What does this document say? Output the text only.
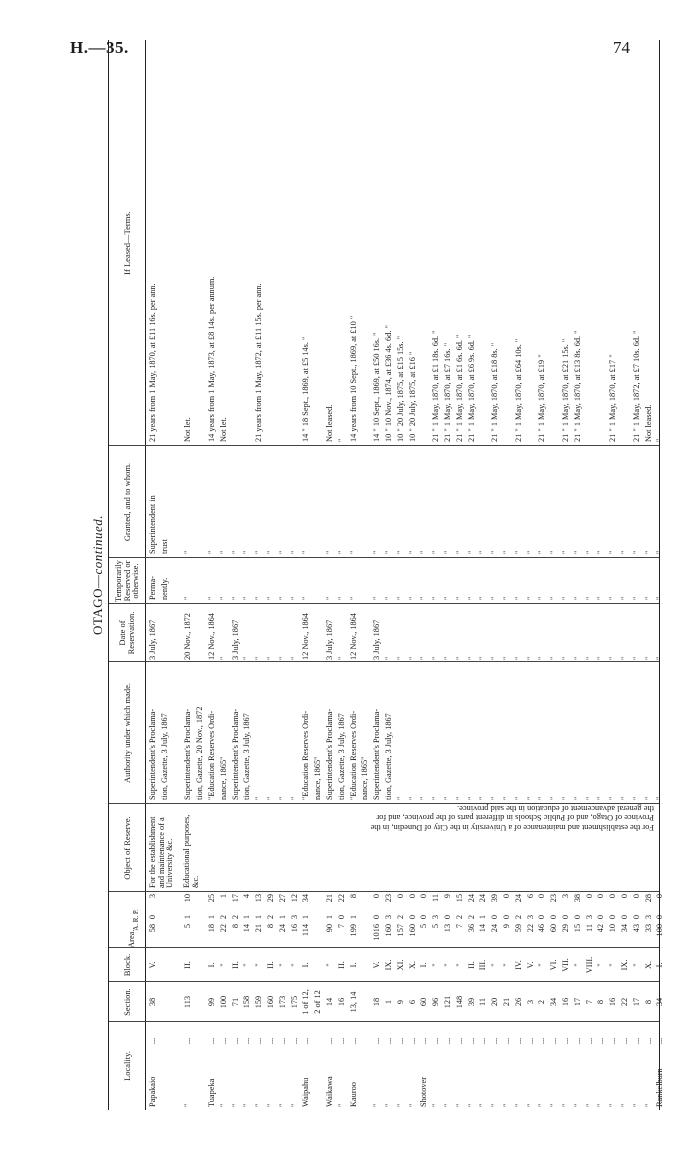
H.—35.	74
OTAGO—continued.
Locality.
Section.
Block.
Area.
A. R. P.
Object of Reserve.
Authority under which made.
Date of Reservation.
Temporarily Reserved or otherwise.
Granted, and to whom.
If Leased—Terms.
Papakaio
...
38
V.
58
0
3
Superintendent's Proclama-
3 July, 1867
Perma-
Superintendent in
21 years from 1 May, 1870, at £11 16s. per ann.
tion, Gazette, 3 July, 1867
nently.
trust
"
...
113
II.
5
1
10
Superintendent's Proclama-
20 Nov., 1872
"
"
Not let.
tion, Gazette, 20 Nov., 1872
Tuapeka
...
99
I.
18
1
25
"Education Reserves Ordi-
12 Nov., 1864
"
"
14 years from 1 May, 1873, at £8 14s. per annum.
"
...
100
"
22
2
1
nance, 1865"
"
"
"
Not let.
"
...
71
II.
8
2
17
Superintendent's Proclama-
3 July, 1867
"
"
"
...
158
"
14
1
4
tion, Gazette, 3 July, 1867
"
"
"
"
...
159
"
21
1
13
"
"
"
"
21 years from 1 May, 1872, at £11 15s. per ann.
"
...
160
II.
8
2
29
"
"
"
"
"
...
173
"
24
1
27
"
"
"
"
"
...
175
"
16
3
12
"
"
"
"
Waipahu
...
1 of 12,
I.
114
1
34
"Education Reserves Ordi-
12 Nov., 1864
"
"
14 " 18 Sept., 1869, at £5 14s. "
2 of 12
nance, 1865"
Waikawa
...
14
"
90
1
21
Superintendent's Proclama-
3 July, 1867
"
"
Not leased.
"
...
16
II.
7
0
22
tion, Gazette, 3 July, 1867
"
"
"
"
Kauroo
...
13, 14
I.
199
1
8
"Education Reserves Ordi-
12 Nov., 1864
"
"
14 years from 10 Sept., 1869, at £10 "
nance, 1865"
"
...
18
V.
1016
0
0
Superintendent's Proclama-
3 July, 1867
"
"
14 " 10 Sept., 1869, at £50 16s. "
"
...
1
IX.
160
3
23
tion, Gazette, 3 July, 1867
"
"
"
10 " 10 Nov., 1874, at £36 4s. 6d. "
"
...
9
XI.
157
2
0
"
"
"
"
10 " 20 July, 1875, at £15 15s. "
"
...
6
X.
160
0
0
"
"
"
"
10 " 20 July, 1875, at £16 "
Shotover
...
60
I.
5
0
0
"
"
"
"
"
...
96
"
5
3
11
"
"
"
"
21 " 1 May, 1870, at £1 18s. 6d. "
"
...
121
"
13
0
9
"
"
"
"
21 " 1 May, 1870, at £7 16s. "
"
...
148
"
7
2
15
"
"
"
"
21 " 1 May, 1870, at £1 6s. 6d. "
"
...
39
II.
36
2
24
"
"
"
"
21 " 1 May, 1870, at £6 9s. 6d. "
"
...
11
III.
14
1
24
"
"
"
"
"
...
20
"
24
0
39
"
"
"
"
21 " 1 May, 1870, at £18 8s. "
"
...
21
"
9
0
0
"
"
"
"
"
...
26
IV.
59
2
24
"
"
"
"
21 " 1 May, 1870, at £64 10s. "
"
...
3
V.
22
3
6
"
"
"
"
"
...
2
"
46
0
0
"
"
"
"
21 " 1 May, 1870, at £19 "
"
...
34
VI.
60
0
23
"
"
"
"
"
...
16
VII.
29
0
3
"
"
"
"
21 " 1 May, 1870, at £21 15s. "
"
...
17
"
15
0
38
"
"
"
"
21 " 1 May, 1870, at £13 8s. 6d. "
"
...
7
VIII.
11
3
0
"
"
"
"
"
...
8
"
42
0
0
"
"
"
"
"
...
16
"
10
0
0
"
"
"
"
21 " 1 May, 1870, at £17 "
"
...
22
IX.
34
0
0
"
"
"
"
"
...
17
"
43
0
0
"
"
"
"
21 " 1 May, 1872, at £7 10s. 6d. "
"
...
8
X.
33
3
28
"
"
"
"
Not leased.
Rankelburn
...
34
I.
100
0
0
"
"
"
"
"
For the establishment and maintenance of a University &c. Educational purposes, &c.
For the establishment and maintenance of a University in the City of Dunedin, in the
Province of Otago, and of Public Schools in different parts of the province, and for
the general advancement of education in the said province.
